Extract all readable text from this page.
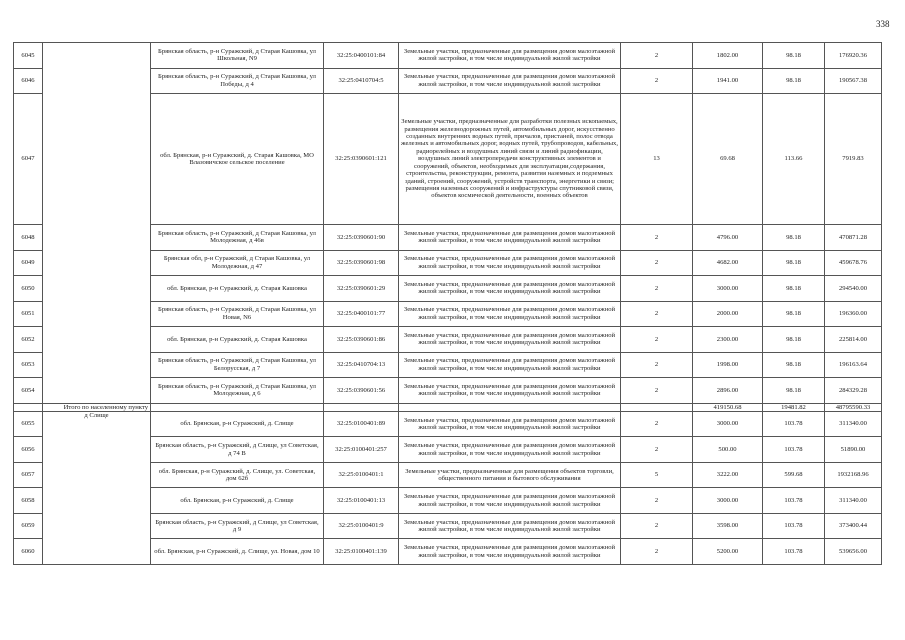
338
6045		Брянская область, р-н Суражский, д Старая Кашовка, ул Школьная, N9	32:25:0400101:84	Земельные участки, предназначенные для размещения домов малоэтажной жилой застройки, в том числе индивидуальной жилой застройки	2	1802.00	98.18	176920.36
6046		Брянская область, р-н Суражский, д Старая Кашовка, ул Победы, д 4	32:25:0410704:5	Земельные участки, предназначенные для размещения домов малоэтажной жилой застройки, в том числе индивидуальной жилой застройки	2	1941.00	98.18	190567.38
6047		обл. Брянская, р-н Суражский, д. Старая Кашовка, МО Влазовичское сельское поселение	32:25:0390601:121	Земельные участки, предназначенные для разработки полезных ископаемых, размещения железнодорожных путей, автомобильных дорог, искусственно созданных внутренних водных путей, причалов, пристаней, полос отвода железных и автомобильных дорог, водных путей, трубопроводов, кабельных, радиорелейных и воздушных линий связи и линий радиофикации, воздушных линий электропередачи конструктивных элементов и сооружений, объектов, необходимых для эксплуатации,содержания, строительства, реконструкции, ремонта, развития наземных и подземных зданий, строений, сооружений, устройств транспорта, энергетики и связи; размещения наземных сооружений и инфраструктуры спутниковой связи, объектов космической деятельности, военных объектов	13	69.68	113.66	7919.83
6048		Брянская область, р-н Суражский, д Старая Кашовка, ул Молодежная, д 46в	32:25:0390601:90	Земельные участки, предназначенные для размещения домов малоэтажной жилой застройки, в том числе индивидуальной жилой застройки	2	4796.00	98.18	470871.28
6049		Брянская обл, р-н Суражский, д Старая Кашовка, ул Молодежная, д 47	32:25:0390601:98	Земельные участки, предназначенные для размещения домов малоэтажной жилой застройки, в том числе индивидуальной жилой застройки	2	4682.00	98.18	459678.76
6050		обл. Брянская, р-н Суражский, д. Старая Кашовка	32:25:0390601:29	Земельные участки, предназначенные для размещения домов малоэтажной жилой застройки, в том числе индивидуальной жилой застройки	2	3000.00	98.18	294540.00
6051		Брянская область, р-н Суражский, д Старая Кашовка, ул Новая, N6	32:25:0400101:77	Земельные участки, предназначенные для размещения домов малоэтажной жилой застройки, в том числе индивидуальной жилой застройки	2	2000.00	98.18	196360.00
6052		обл. Брянская, р-н Суражский, д. Старая Кашовка	32:25:0390601:86	Земельные участки, предназначенные для размещения домов малоэтажной жилой застройки, в том числе индивидуальной жилой застройки	2	2300.00	98.18	225814.00
6053		Брянская область, р-н Суражский, д Старая Кашовка, ул Белорусская, д 7	32:25:0410704:13	Земельные участки, предназначенные для размещения домов малоэтажной жилой застройки, в том числе индивидуальной жилой застройки	2	1998.00	98.18	196163.64
6054		Брянская область, р-н Суражский, д Старая Кашовка, ул Молодежная, д 6	32:25:0390601:56	Земельные участки, предназначенные для размещения домов малоэтажной жилой застройки, в том числе индивидуальной жилой застройки	2	2896.00	98.18	284329.28
	Итого по населенному пункту					419150.68	19481.82	48795590.33
6055	д Слище	обл. Брянская, р-н Суражский, д. Слище	32:25:0100401:89	Земельные участки, предназначенные для размещения домов малоэтажной жилой застройки, в том числе индивидуальной жилой застройки	2	3000.00	103.78	311340.00
6056		Брянская область, р-н Суражский, д Слище, ул Советская, д 74 В	32:25:0100401:257	Земельные участки, предназначенные для размещения домов малоэтажной жилой застройки, в том числе индивидуальной жилой застройки	2	500.00	103.78	51890.00
6057		обл. Брянская, р-н Суражский, д. Слище, ул. Советская, дом 62б	32:25:0100401:1	Земельные участки, предназначенные для размещения объектов торговли, общественного питания и бытового обслуживания	5	3222.00	599.68	1932168.96
6058		обл. Брянская, р-н Суражский, д. Слище	32:25:0100401:13	Земельные участки, предназначенные для размещения домов малоэтажной жилой застройки, в том числе индивидуальной жилой застройки	2	3000.00	103.78	311340.00
6059		Брянская область, р-н Суражский, д Слище, ул Советская, д 9	32:25:0100401:9	Земельные участки, предназначенные для размещения домов малоэтажной жилой застройки, в том числе индивидуальной жилой застройки	2	3598.00	103.78	373400.44
6060		обл. Брянская, р-н Суражский, д. Слище, ул. Новая, дом 10	32:25:0100401:139	Земельные участки, предназначенные для размещения домов малоэтажной жилой застройки, в том числе индивидуальной жилой застройки	2	5200.00	103.78	539656.00
